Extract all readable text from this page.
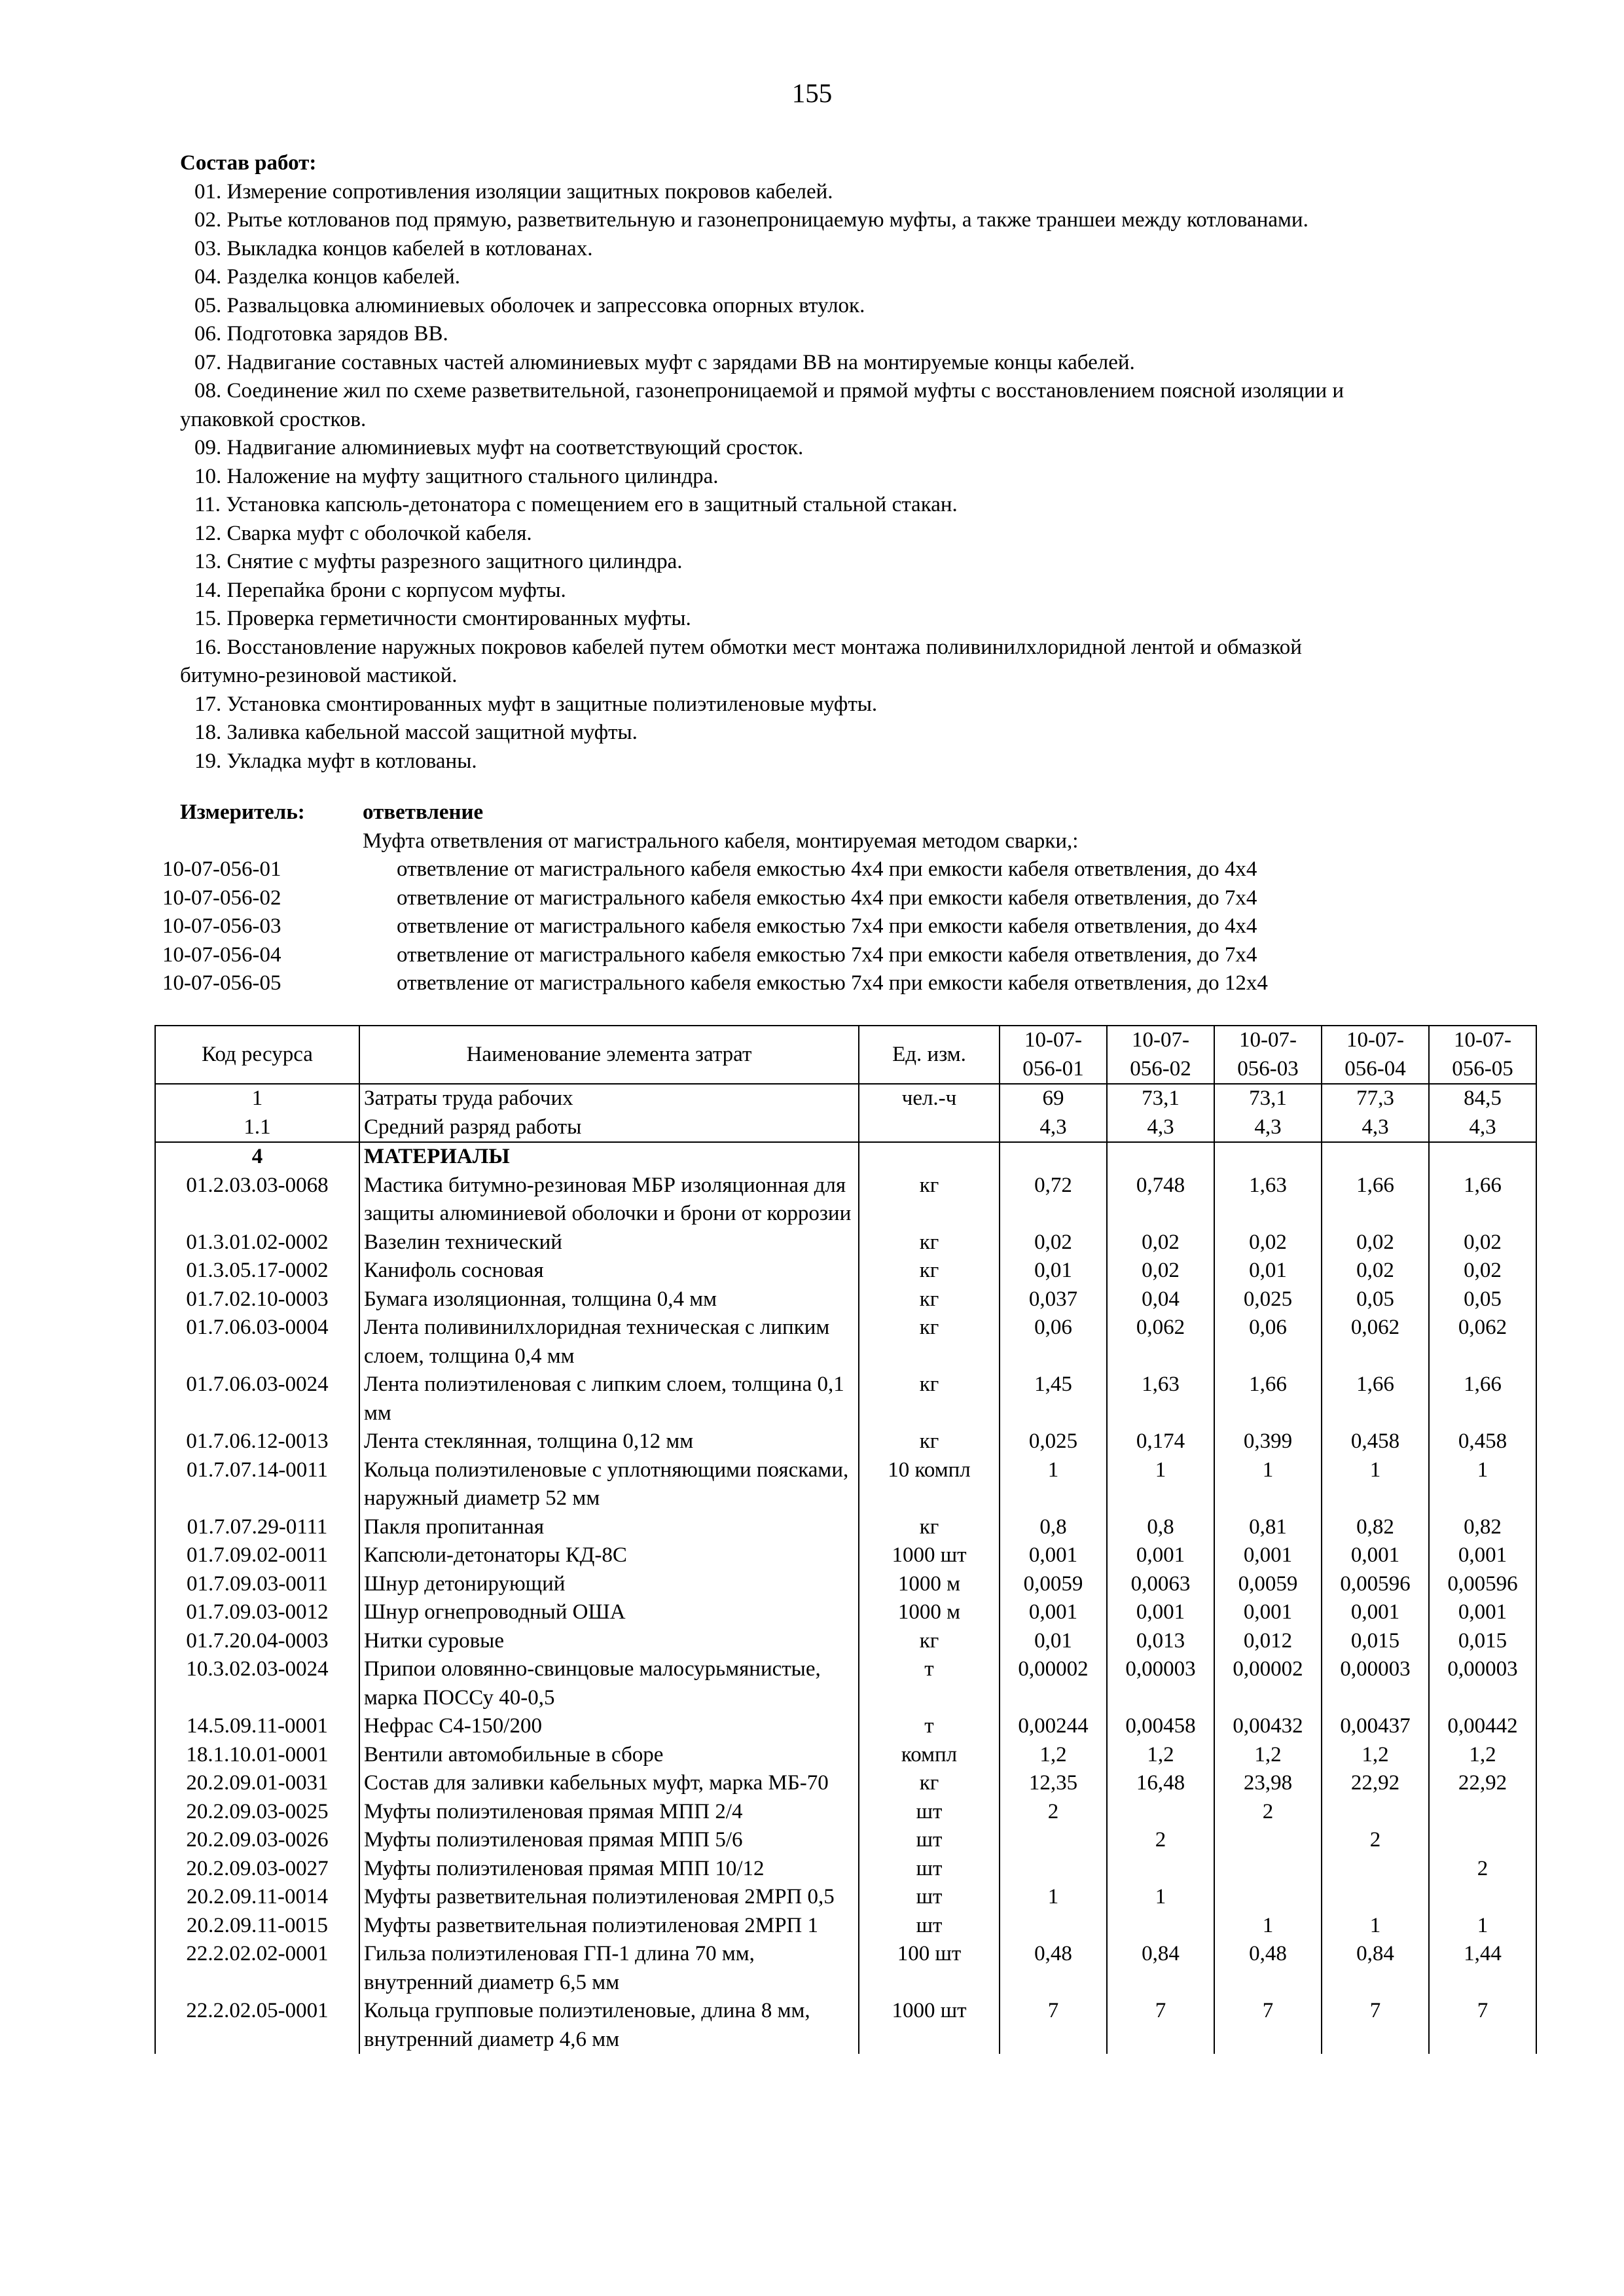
155
Состав работ:
01. Измерение сопротивления изоляции защитных покровов кабелей.
02. Рытье котлованов под прямую, разветвительную и газонепроницаемую муфты, а также траншеи между котлованами.
03. Выкладка концов кабелей в котлованах.
04. Разделка концов кабелей.
05. Развальцовка алюминиевых оболочек и запрессовка опорных втулок.
06. Подготовка зарядов ВВ.
07. Надвигание составных частей алюминиевых муфт с зарядами ВВ на монтируемые концы кабелей.
08. Соединение жил по схеме разветвительной, газонепроницаемой и прямой муфты с восстановлением поясной изоляции и
упаковкой сростков.
09. Надвигание алюминиевых муфт на соответствующий сросток.
10. Наложение на муфту защитного стального цилиндра.
11. Установка капсюль-детонатора с помещением его в защитный стальной стакан.
12. Сварка муфт с оболочкой кабеля.
13. Снятие с муфты разрезного защитного цилиндра.
14. Перепайка брони с корпусом муфты.
15. Проверка герметичности смонтированных муфты.
16. Восстановление наружных покровов кабелей путем обмотки мест монтажа поливинилхлоридной лентой и обмазкой
битумно-резиновой мастикой.
17. Установка смонтированных муфт в защитные полиэтиленовые муфты.
18. Заливка кабельной массой защитной муфты.
19. Укладка муфт в котлованы.
Измеритель:	ответвление
Муфта ответвления от магистрального кабеля, монтируемая методом сварки,:
10-07-056-01	ответвление от магистрального кабеля емкостью 4х4 при емкости кабеля ответвления, до 4х4
10-07-056-02	ответвление от магистрального кабеля емкостью 4х4 при емкости кабеля ответвления, до 7х4
10-07-056-03	ответвление от магистрального кабеля емкостью 7х4 при емкости кабеля ответвления, до 4х4
10-07-056-04	ответвление от магистрального кабеля емкостью 7х4 при емкости кабеля ответвления, до 7х4
10-07-056-05	ответвление от магистрального кабеля емкостью 7х4 при емкости кабеля ответвления, до 12х4
Код ресурса	Наименование элемента затрат	Ед. изм.	10-07-
056-01	10-07-
056-02	10-07-
056-03	10-07-
056-04	10-07-
056-05
1	Затраты труда рабочих	чел.-ч	69	73,1	73,1	77,3	84,5
1.1	Средний разряд работы		4,3	4,3	4,3	4,3	4,3
4	МАТЕРИАЛЫ						
01.2.03.03-0068	Мастика битумно-резиновая МБР изоляционная для защиты алюминиевой оболочки и брони от коррозии	кг	0,72	0,748	1,63	1,66	1,66
01.3.01.02-0002	Вазелин технический	кг	0,02	0,02	0,02	0,02	0,02
01.3.05.17-0002	Канифоль сосновая	кг	0,01	0,02	0,01	0,02	0,02
01.7.02.10-0003	Бумага изоляционная, толщина 0,4 мм	кг	0,037	0,04	0,025	0,05	0,05
01.7.06.03-0004	Лента поливинилхлоридная техническая с липким слоем, толщина 0,4 мм	кг	0,06	0,062	0,06	0,062	0,062
01.7.06.03-0024	Лента полиэтиленовая с липким слоем, толщина 0,1 мм	кг	1,45	1,63	1,66	1,66	1,66
01.7.06.12-0013	Лента стеклянная, толщина 0,12 мм	кг	0,025	0,174	0,399	0,458	0,458
01.7.07.14-0011	Кольца полиэтиленовые с уплотняющими поясками, наружный диаметр 52 мм	10 компл	1	1	1	1	1
01.7.07.29-0111	Пакля пропитанная	кг	0,8	0,8	0,81	0,82	0,82
01.7.09.02-0011	Капсюли-детонаторы КД-8С	1000 шт	0,001	0,001	0,001	0,001	0,001
01.7.09.03-0011	Шнур детонирующий	1000 м	0,0059	0,0063	0,0059	0,00596	0,00596
01.7.09.03-0012	Шнур огнепроводный ОША	1000 м	0,001	0,001	0,001	0,001	0,001
01.7.20.04-0003	Нитки суровые	кг	0,01	0,013	0,012	0,015	0,015
10.3.02.03-0024	Припои оловянно-свинцовые малосурьмянистые, марка ПОССу 40-0,5	т	0,00002	0,00003	0,00002	0,00003	0,00003
14.5.09.11-0001	Нефрас С4-150/200	т	0,00244	0,00458	0,00432	0,00437	0,00442
18.1.10.01-0001	Вентили автомобильные в сборе	компл	1,2	1,2	1,2	1,2	1,2
20.2.09.01-0031	Состав для заливки кабельных муфт, марка МБ-70	кг	12,35	16,48	23,98	22,92	22,92
20.2.09.03-0025	Муфты полиэтиленовая прямая МПП 2/4	шт	2		2		
20.2.09.03-0026	Муфты полиэтиленовая прямая МПП 5/6	шт		2		2	
20.2.09.03-0027	Муфты полиэтиленовая прямая МПП 10/12	шт					2
20.2.09.11-0014	Муфты разветвительная полиэтиленовая 2МРП 0,5	шт	1	1			
20.2.09.11-0015	Муфты разветвительная полиэтиленовая 2МРП 1	шт			1	1	1
22.2.02.02-0001	Гильза полиэтиленовая ГП-1 длина 70 мм, внутренний диаметр 6,5 мм	100 шт	0,48	0,84	0,48	0,84	1,44
22.2.02.05-0001	Кольца групповые полиэтиленовые, длина 8 мм, внутренний диаметр 4,6 мм	1000 шт	7	7	7	7	7
